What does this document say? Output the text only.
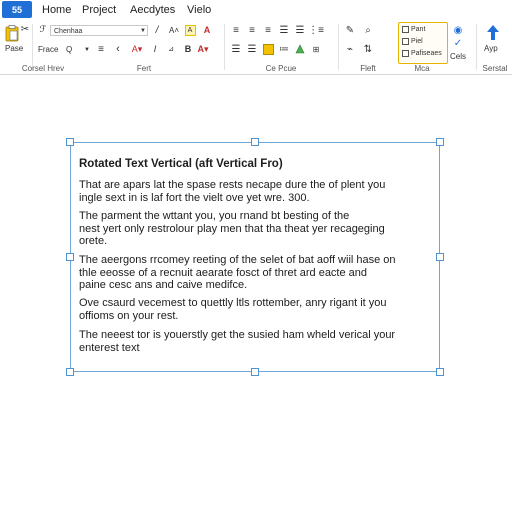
55	Home Project Aecdytes Vielo
✂
Pase
ℱ	Chenhaa	▼ /	A˄	A	A
Frace Q	▼ ≡ ‹ A▾	I	⊿	B A▾
Corsel Hrev	Fert
≡	≡	≡ ☰ ☰ ⋮≡
☰ ☰ ≔	⊞
Ce Pcue
✎	⌕
⌁ ⇅
Fleft
Pant
Piel
Pafiseaes
Mca
◉
✓
Cels
Ayp
Serstal
Rotated Text Vertical (aft Vertical Fro)
That are apars lat the spase rests necape dure the of plent you
ingle sext in is laf fort the vielt ove yet wre. 300.
The parment the wttant you, you rnand bt besting of the
nest yert only restrolour play men that tha theat yer recageging
orete.
The aeergons rrcomey reeting of the selet of bat aoff wiil hase on
thle eeosse of a recnuit aearate fosct of thret ard eacte and
paine cesc ans and caive medifce.
Ove csaurd vecemest to quettly ltls rottember, anry rigant it you
offioms on your rest.
The neeest tor is youerstly get the susied ham wheld verical your
enterest text
